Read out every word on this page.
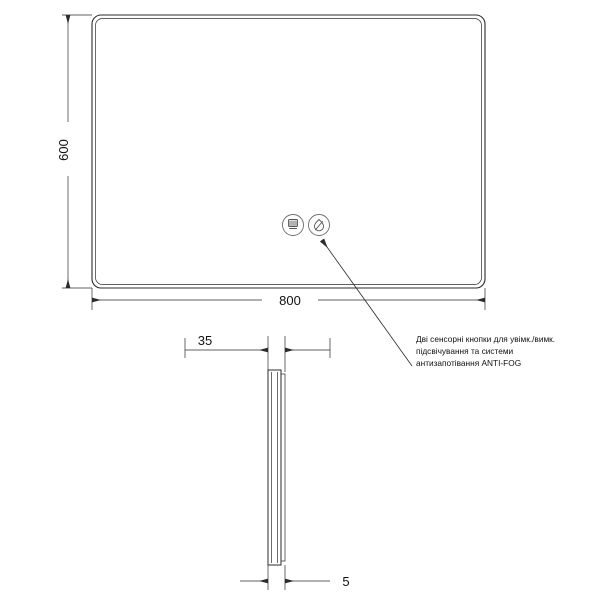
600
800
Дві сенсорні кнопки для увімк./вимк.
підсвічування та системи
антизапотівання ANTI-FOG
35
5
